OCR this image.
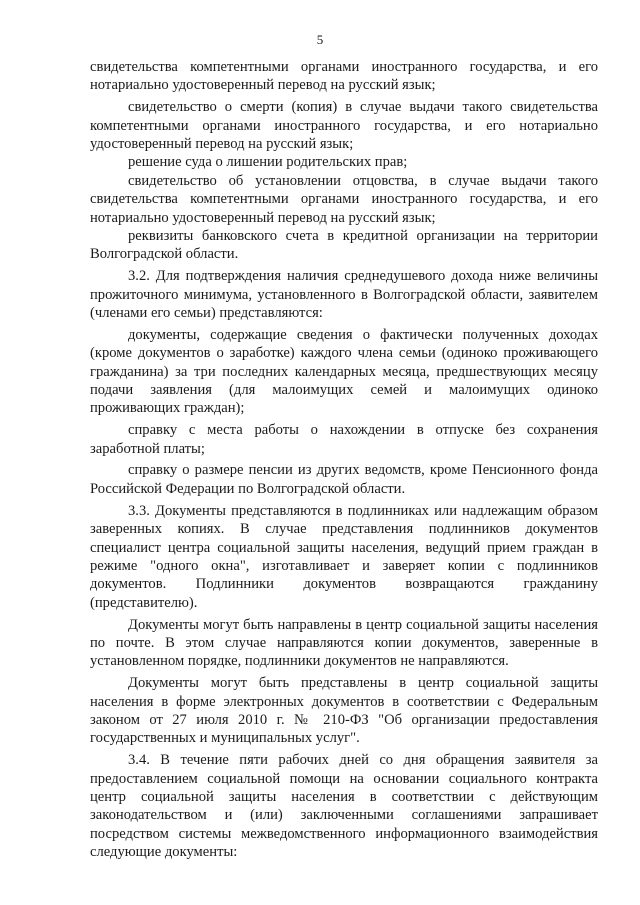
5

свидетельства компетентными органами иностранного государства, и его нотариально удостоверенный перевод на русский язык;

свидетельство о смерти (копия) в случае выдачи такого свидетельства компетентными органами иностранного государства, и его нотариально удостоверенный перевод на русский язык;

решение суда о лишении родительских прав;

свидетельство об установлении отцовства, в случае выдачи такого свидетельства компетентными органами иностранного государства, и его нотариально удостоверенный перевод на русский язык;

реквизиты банковского счета в кредитной организации на территории Волгоградской области.

3.2. Для подтверждения наличия среднедушевого дохода ниже величины прожиточного минимума, установленного в Волгоградской области, заявителем (членами его семьи) представляются:

документы, содержащие сведения о фактически полученных доходах (кроме документов о заработке) каждого члена семьи (одиноко проживающего гражданина) за три последних календарных месяца, предшествующих месяцу подачи заявления (для малоимущих семей и малоимущих одиноко проживающих граждан);

справку с места работы о нахождении в отпуске без сохранения заработной платы;

справку о размере пенсии из других ведомств, кроме Пенсионного фонда Российской Федерации по Волгоградской области.

3.3. Документы представляются в подлинниках или надлежащим образом заверенных копиях. В случае представления подлинников документов специалист центра социальной защиты населения, ведущий прием граждан в режиме "одного окна", изготавливает и заверяет копии с подлинников документов. Подлинники документов возвращаются гражданину (представителю).

Документы могут быть направлены в центр социальной защиты населения по почте. В этом случае направляются копии документов, заверенные в установленном порядке, подлинники документов не направляются.

Документы могут быть представлены в центр социальной защиты населения в форме электронных документов в соответствии с Федеральным законом от 27 июля 2010 г. № 210-ФЗ "Об организации предоставления государственных и муниципальных услуг".

3.4. В течение пяти рабочих дней со дня обращения заявителя за предоставлением социальной помощи на основании социального контракта центр социальной защиты населения в соответствии с действующим законодательством и (или) заключенными соглашениями запрашивает посредством системы межведомственного информационного взаимодействия следующие документы:
